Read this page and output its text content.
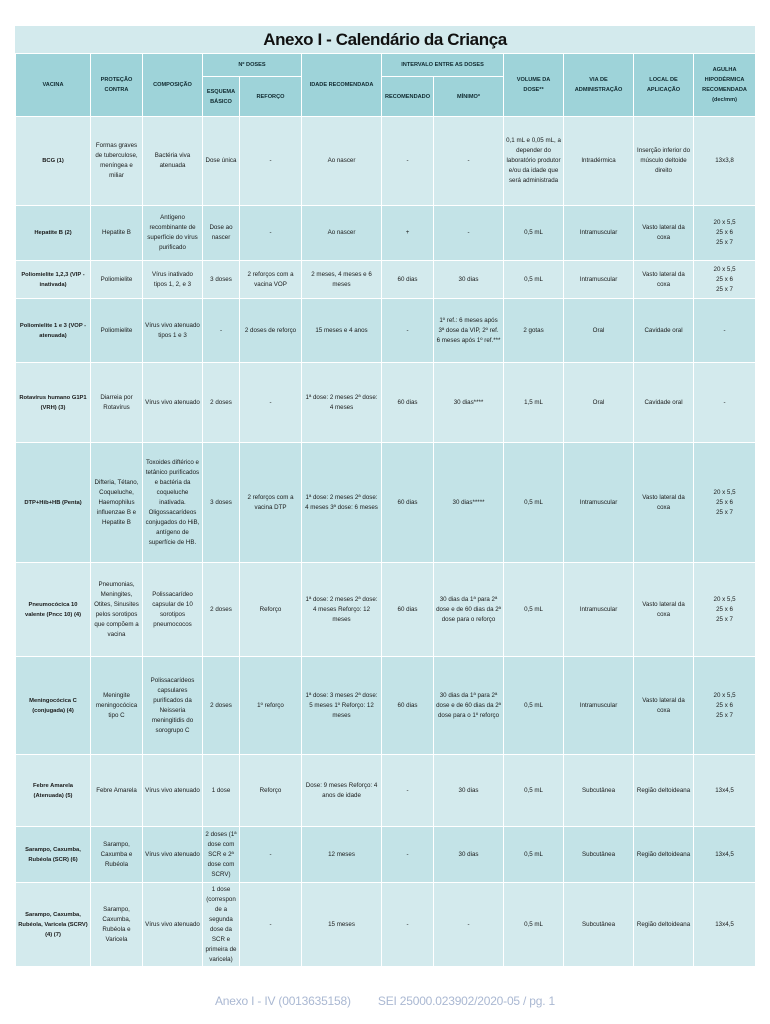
Anexo I - Calendário da Criança
VACINA	PROTEÇÃO CONTRA	COMPOSIÇÃO	Nº DOSES		IDADE RECOMENDADA	INTERVALO ENTRE AS DOSES		VOLUME DA DOSE**	VIA DE ADMINISTRAÇÃO	LOCAL DE APLICAÇÃO	AGULHA HIPODÉRMICA RECOMENDADA (dec/mm)
			ESQUEMA BÁSICO	REFORÇO		RECOMENDADO	MÍNIMO*				
BCG (1)	Formas graves de tuberculose, meníngea e miliar	Bactéria viva atenuada	Dose única	-	Ao nascer	-	-	0,1 mL e 0,05 mL, a depender do laboratório produtor e/ou da idade que será administrada	Intradérmica	Inserção inferior do músculo deltoide direito	13x3,8
Hepatite B (2)	Hepatite B	Antígeno recombinante de superfície do vírus purificado	Dose ao nascer	-	Ao nascer	+	-	0,5 mL	Intramuscular	Vasto lateral da coxa	20 x 5,5
25 x 6
25 x 7
Poliomielite 1,2,3 (VIP - inativada)	Poliomielite	Vírus inativado tipos 1, 2, e 3	3 doses	2 reforços com a vacina VOP	2 meses, 4 meses e 6 meses	60 dias	30 dias	0,5 mL	Intramuscular	Vasto lateral da coxa	20 x 5,5
25 x 6
25 x 7
Poliomielite 1 e 3 (VOP - atenuada)	Poliomielite	Vírus vivo atenuado tipos 1 e 3	-	2 doses de reforço	15 meses e 4 anos	-	1º ref.: 6 meses após 3ª dose da VIP, 2º ref. 6 meses após 1º ref.***	2 gotas	Oral	Cavidade oral	-
Rotavírus humano G1P1 (VRH) (3)	Diarreia por Rotavírus	Vírus vivo atenuado	2 doses	-	1ª dose: 2 meses 2ª dose: 4 meses	60 dias	30 dias****	1,5 mL	Oral	Cavidade oral	-
DTP+Hib+HB (Penta)	Difteria, Tétano, Coqueluche, Haemophilus influenzae B e Hepatite B	Toxoides diftérico e tetânico purificados e bactéria da coqueluche inativada. Oligossacarídeos conjugados do HiB, antígeno de superfície de HB.	3 doses	2 reforços com a vacina DTP	1ª dose: 2 meses 2ª dose: 4 meses 3ª dose: 6 meses	60 dias	30 dias*****	0,5 mL	Intramuscular	Vasto lateral da coxa	20 x 5,5
25 x 6
25 x 7
Pneumocócica 10 valente (Pncc 10) (4)	Pneumonias, Meningites, Otites, Sinusites pelos sorotipos que compõem a vacina	Polissacarídeo capsular de 10 sorotipos pneumococos	2 doses	Reforço	1ª dose: 2 meses 2ª dose: 4 meses Reforço: 12 meses	60 dias	30 dias da 1ª para 2ª dose e de 60 dias da 2ª dose para o reforço	0,5 mL	Intramuscular	Vasto lateral da coxa	20 x 5,5
25 x 6
25 x 7
Meningocócica C (conjugada) (4)	Meningite meningocócica tipo C	Polissacarídeos capsulares purificados da Neisseria meningitidis do sorogrupo C	2 doses	1º reforço	1ª dose: 3 meses 2ª dose: 5 meses 1º Reforço: 12 meses	60 dias	30 dias da 1ª para 2ª dose e de 60 dias da 2ª dose para o 1º reforço	0,5 mL	Intramuscular	Vasto lateral da coxa	20 x 5,5
25 x 6
25 x 7
Febre Amarela (Atenuada) (5)	Febre Amarela	Vírus vivo atenuado	1 dose	Reforço	Dose: 9 meses Reforço: 4 anos de idade	-	30 dias	0,5 mL	Subcutânea	Região deltoideana	13x4,5
Sarampo, Caxumba, Rubéola (SCR) (6)	Sarampo, Caxumba e Rubéola	Vírus vivo atenuado	2 doses (1ª dose com SCR e 2ª dose com SCRV)	-	12 meses	-	30 dias	0,5 mL	Subcutânea	Região deltoideana	13x4,5
Sarampo, Caxumba, Rubéola, Varicela (SCRV) (4) (7)	Sarampo, Caxumba, Rubéola e Varicela	Vírus vivo atenuado	1 dose (corresponde a segunda dose da SCR e primeira de varicela)	-	15 meses	-	-	0,5 mL	Subcutânea	Região deltoideana	13x4,5
Anexo I - IV (0013635158) SEI 25000.023902/2020-05 / pg. 1
